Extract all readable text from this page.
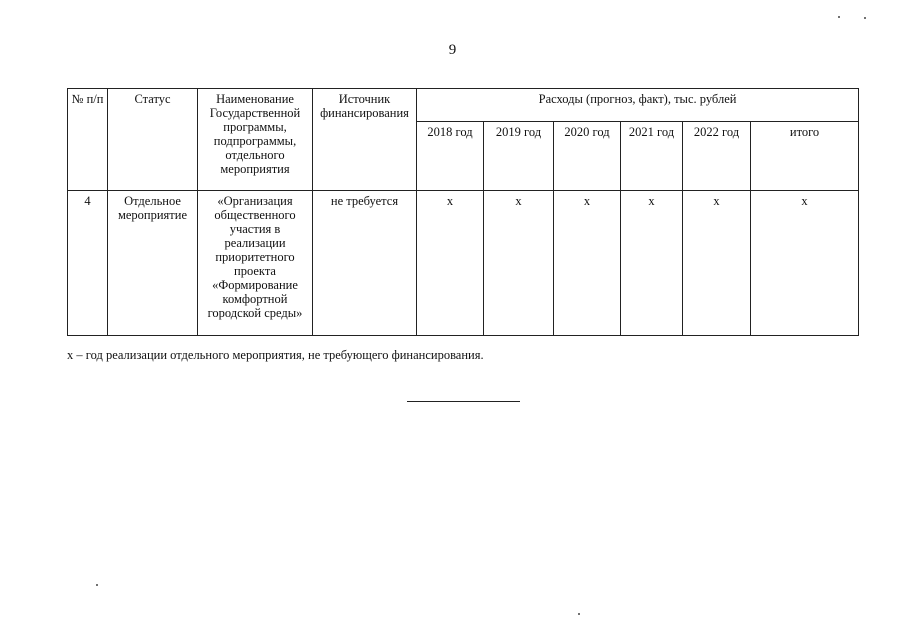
9
№ п/п	Статус	Наименование Государственной программы, подпрограммы, отдельного мероприятия	Источник финансирования	Расходы (прогноз, факт), тыс. рублей					
				2018 год	2019 год	2020 год	2021 год	2022 год	итого
4	Отдельное мероприятие	«Организация общественного участия в реализации приоритетного проекта «Формирование комфортной городской среды»	не требуется	х	х	х	х	х	х
х – год реализации отдельного мероприятия, не требующего финансирования.
